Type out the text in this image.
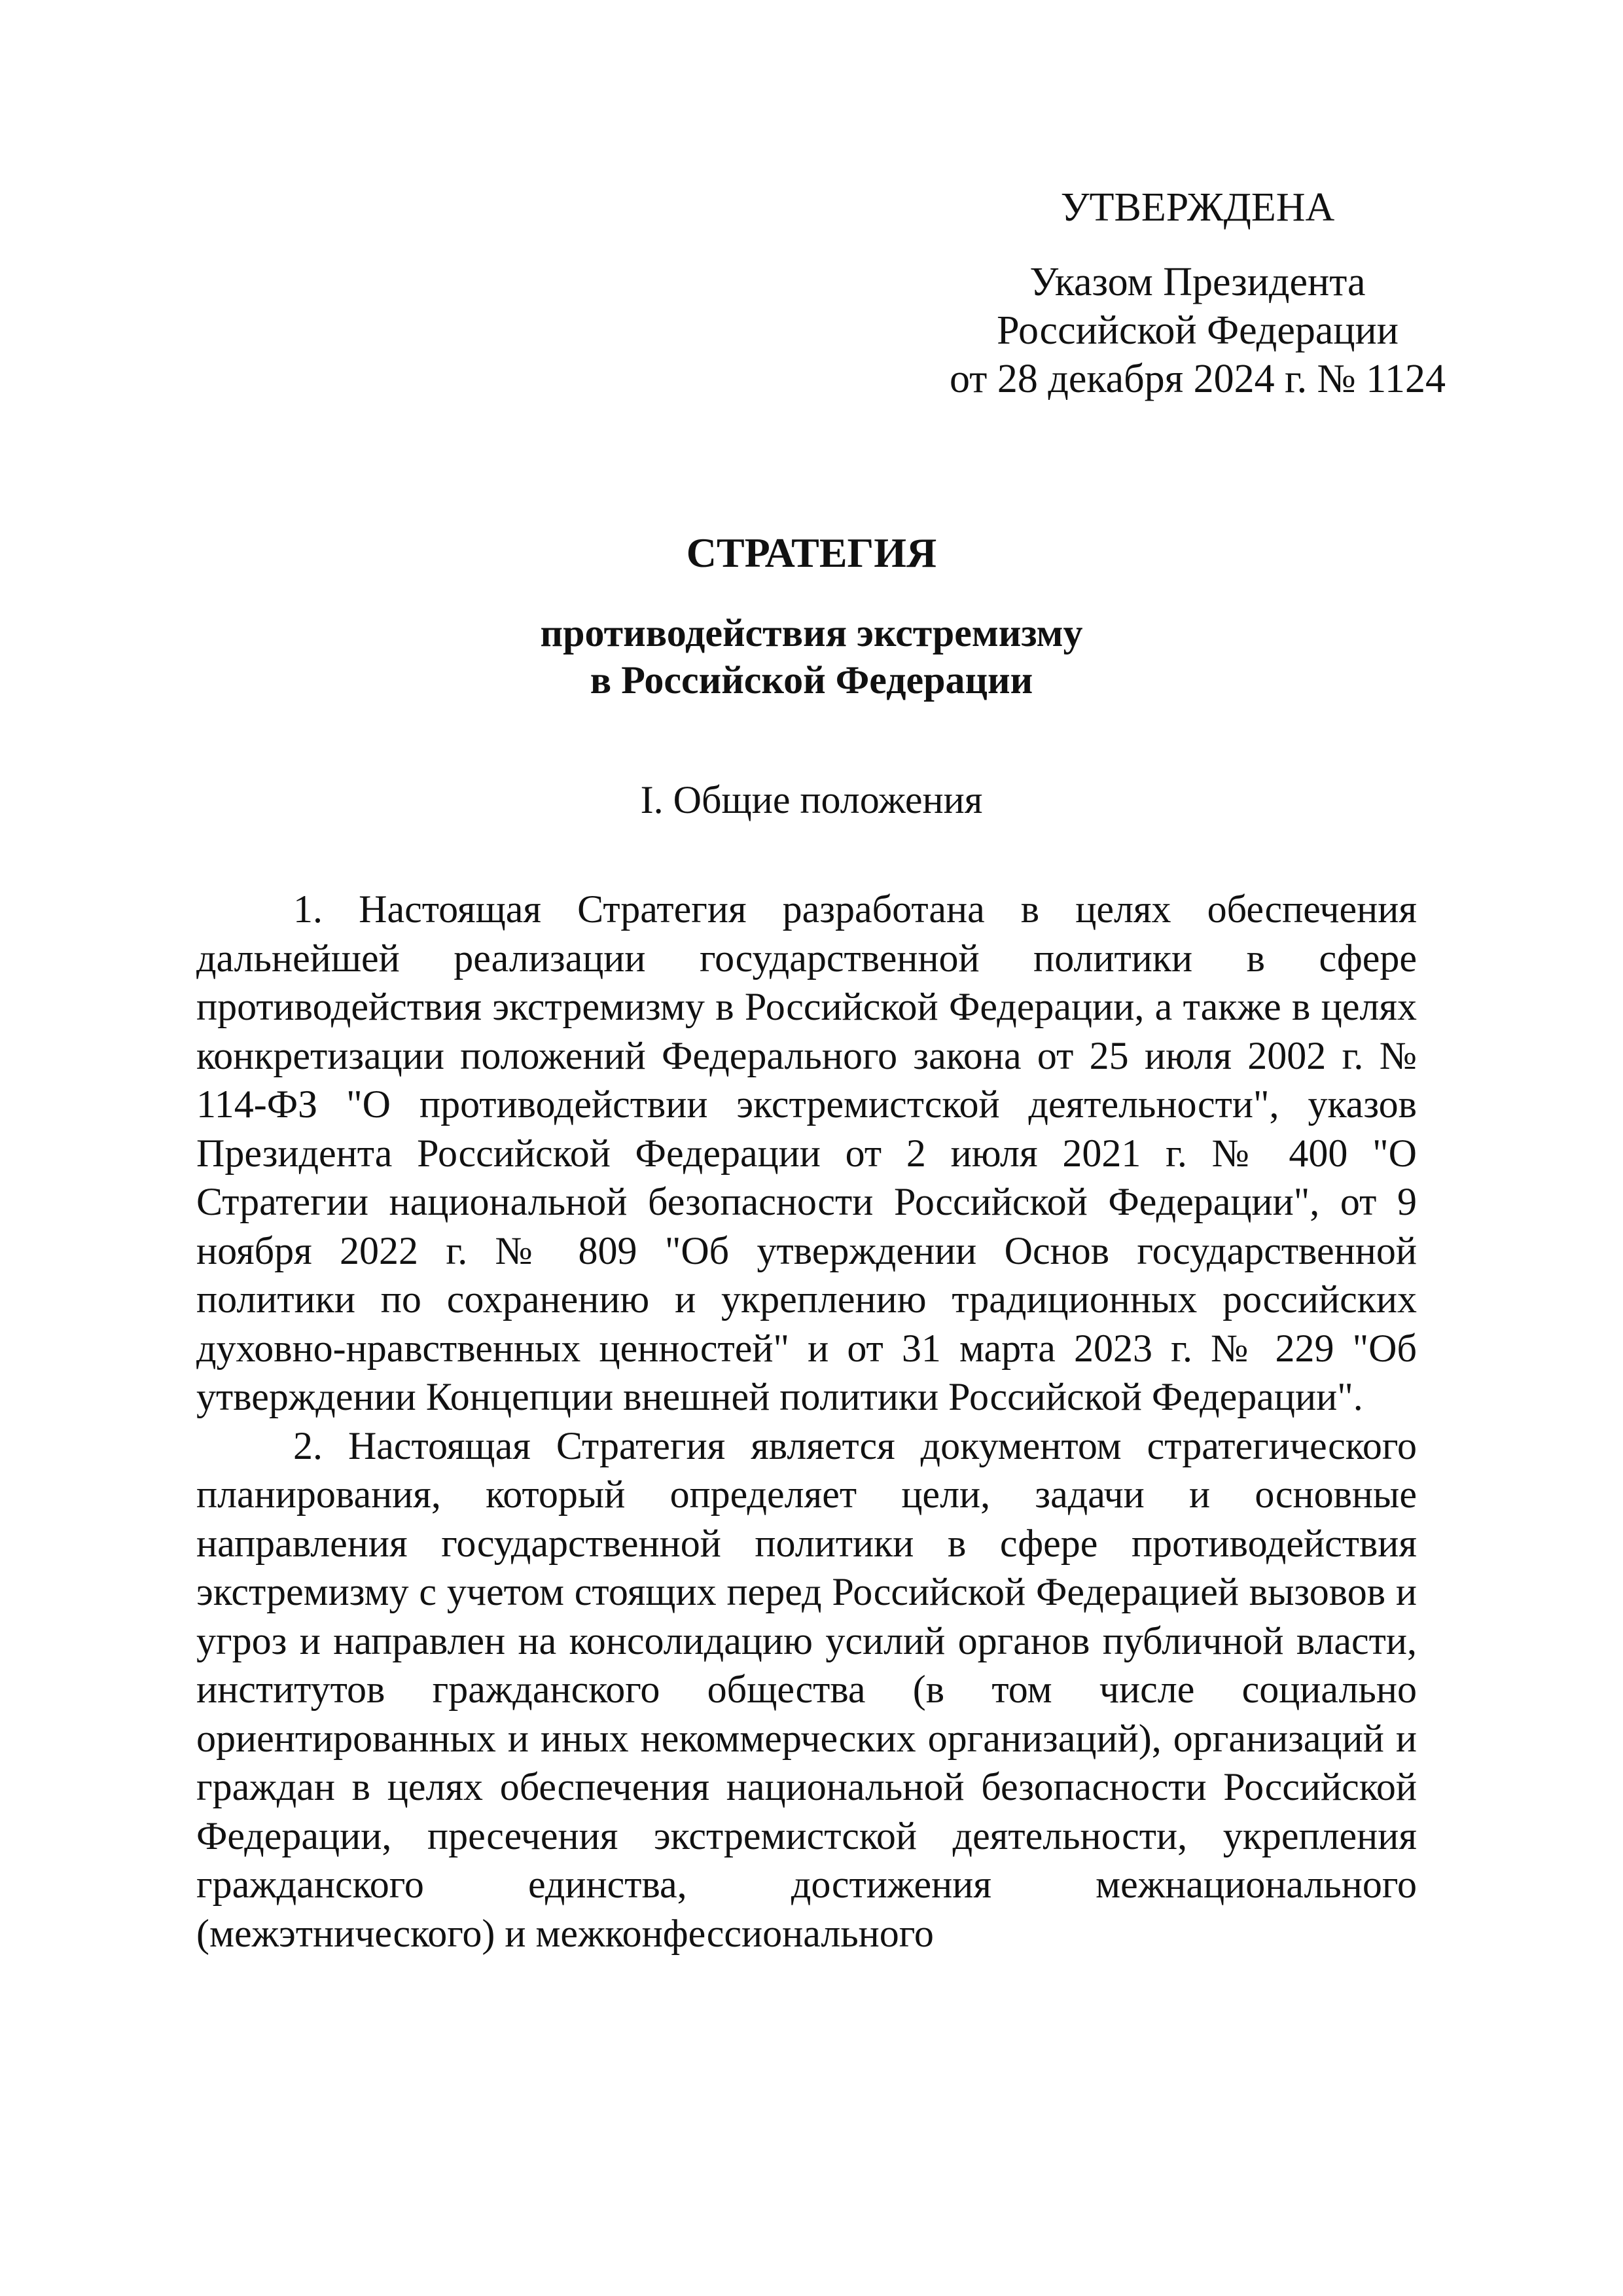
УТВЕРЖДЕНА
Указом Президента
Российской Федерации
от 28 декабря 2024 г. № 1124
СТРАТЕГИЯ
противодействия экстремизму
в Российской Федерации
I. Общие положения

1. Настоящая Стратегия разработана в целях обеспечения дальнейшей реализации государственной политики в сфере противодействия экстремизму в Российской Федерации, а также в целях конкретизации положений Федерального закона от 25 июля 2002 г. № 114-ФЗ "О противодействии экстремистской деятельности", указов Президента Российской Федерации от 2 июля 2021 г. № 400 "О Стратегии национальной безопасности Российской Федерации", от 9 ноября 2022 г. № 809 "Об утверждении Основ государственной политики по сохранению и укреплению традиционных российских духовно-нравственных ценностей" и от 31 марта 2023 г. № 229 "Об утверждении Концепции внешней политики Российской Федерации".

2. Настоящая Стратегия является документом стратегического планирования, который определяет цели, задачи и основные направления государственной политики в сфере противодействия экстремизму с учетом стоящих перед Российской Федерацией вызовов и угроз и направлен на консолидацию усилий органов публичной власти, институтов гражданского общества (в том числе социально ориентированных и иных некоммерческих организаций), организаций и граждан в целях обеспечения национальной безопасности Российской Федерации, пресечения экстремистской деятельности, укрепления гражданского единства, достижения межнационального (межэтнического) и межконфессионального
